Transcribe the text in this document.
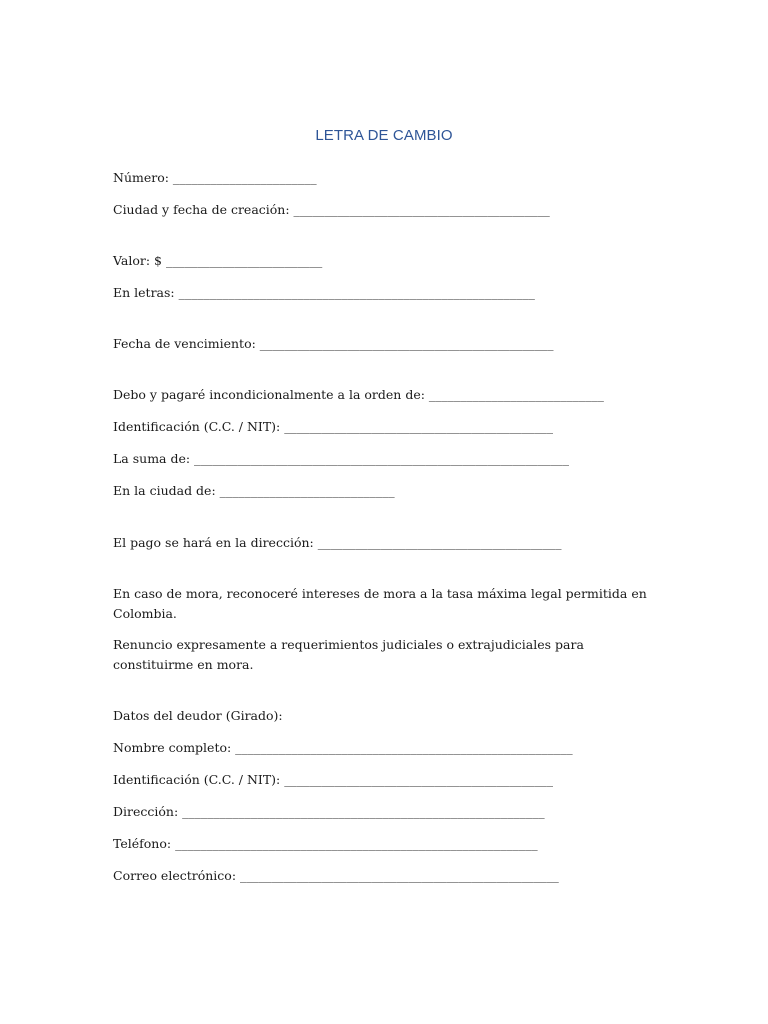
LETRA DE CAMBIO
Número: _______________________
Ciudad y fecha de creación: _________________________________________
Valor: $ _________________________
En letras: _________________________________________________________
Fecha de vencimiento: _______________________________________________
Debo y pagaré incondicionalmente a la orden de: ____________________________
Identificación (C.C. / NIT): ___________________________________________
La suma de: ____________________________________________________________
En la ciudad de: ____________________________
El pago se hará en la dirección: _______________________________________
En caso de mora, reconoceré intereses de mora a la tasa máxima legal permitida en Colombia.
Renuncio expresamente a requerimientos judiciales o extrajudiciales para constituirme en mora.
Datos del deudor (Girado):
Nombre completo: ______________________________________________________
Identificación (C.C. / NIT): ___________________________________________
Dirección: __________________________________________________________
Teléfono: __________________________________________________________
Correo electrónico: ___________________________________________________
